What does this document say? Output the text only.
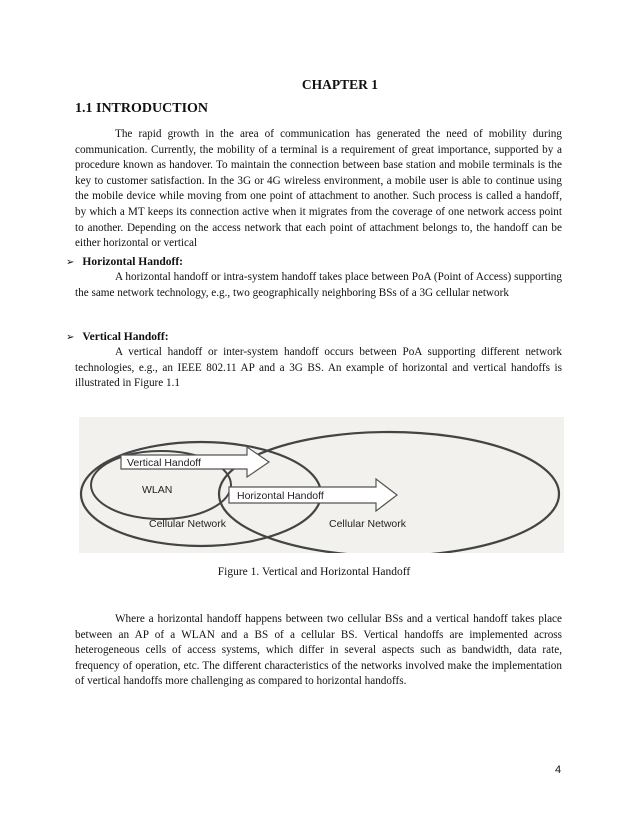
CHAPTER 1
1.1 INTRODUCTION
The rapid growth in the area of communication has generated the need of mobility during communication. Currently, the mobility of a terminal is a requirement of great importance, supported by a procedure known as handover. To maintain the connection between base station and mobile terminals is the key to customer satisfaction. In the 3G or 4G wireless environment, a mobile user is able to continue using the mobile device while moving from one point of attachment to another. Such process is called a handoff, by which a MT keeps its connection active when it migrates from the coverage of one network access point to another. Depending on the access network that each point of attachment belongs to, the handoff can be either horizontal or vertical
➢ Horizontal Handoff:
A horizontal handoff or intra-system handoff takes place between PoA (Point of Access) supporting the same network technology, e.g., two geographically neighboring BSs of a 3G cellular network
➢ Vertical Handoff:
A vertical handoff or inter-system handoff occurs between PoA supporting different network technologies, e.g., an IEEE 802.11 AP and a 3G BS. An example of horizontal and vertical handoffs is illustrated in Figure 1.1
Vertical Handoff
WLAN	Horizontal Handoff
Cellular Network	Cellular Network
Figure 1. Vertical and Horizontal Handoff
Where a horizontal handoff happens between two cellular BSs and a vertical handoff takes place between an AP of a WLAN and a BS of a cellular BS. Vertical handoffs are implemented across heterogeneous cells of access systems, which differ in several aspects such as bandwidth, data rate, frequency of operation, etc. The different characteristics of the networks involved make the implementation of vertical handoffs more challenging as compared to horizontal handoffs.
4
